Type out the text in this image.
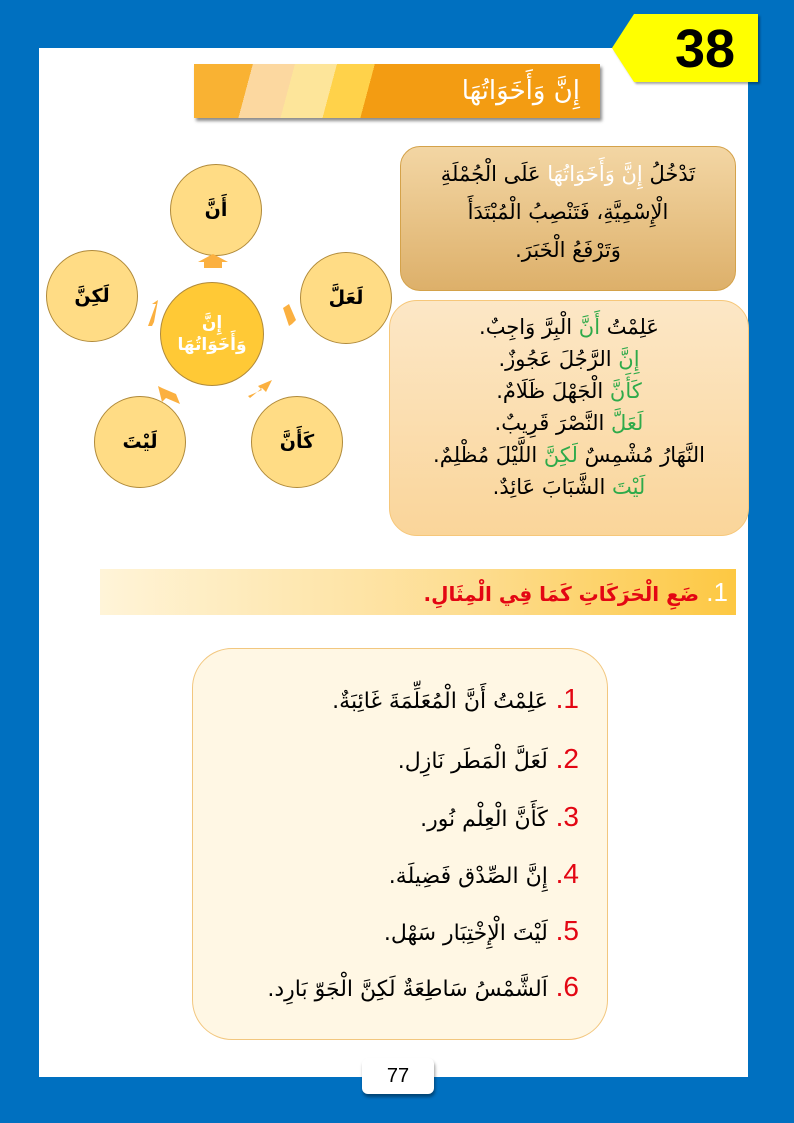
38
إِنَّ وَأَخَوَاتُهَا
تَدْخُلُ إِنَّ وَأَخَوَاتُهَا عَلَى الْجُمْلَةِ
الْإِسْمِيَّةِ، فَتَنْصِبُ الْمُبْتَدَأَ
وَتَرْفَعُ الْخَبَرَ.
أَنَّ
لَعَلَّ
كَأَنَّ
لَيْتَ
لَكِنَّ
إِنَّ
وَأَخَوَاتُهَا
عَلِمْتُ أَنَّ الْبِرَّ وَاجِبٌ.
إِنَّ الرَّجُلَ عَجُوزٌ.
كَأَنَّ الْجَهْلَ ظَلَامٌ.
لَعَلَّ النَّصْرَ قَرِيبٌ.
النَّهَارُ مُشْمِسٌ لَكِنَّ اللَّيْلَ مُظْلِمٌ.
لَيْتَ الشَّبَابَ عَائِدٌ.
1. ضَعِ الْحَرَكَاتِ كَمَا فِي الْمِثَالِ.
1. عَلِمْتُ أَنَّ الْمُعَلِّمَةَ غَائِبَةٌ.
2. لَعَلَّ الْمَطَر نَازِل.
3. كَأَنَّ الْعِلْم نُور.
4. إِنَّ الصِّدْق فَضِيلَة.
5. لَيْتَ الْإِخْتِبَار سَهْل.
6. اَلشَّمْسُ سَاطِعَةٌ لَكِنَّ الْجَوّ بَارِد.
77
